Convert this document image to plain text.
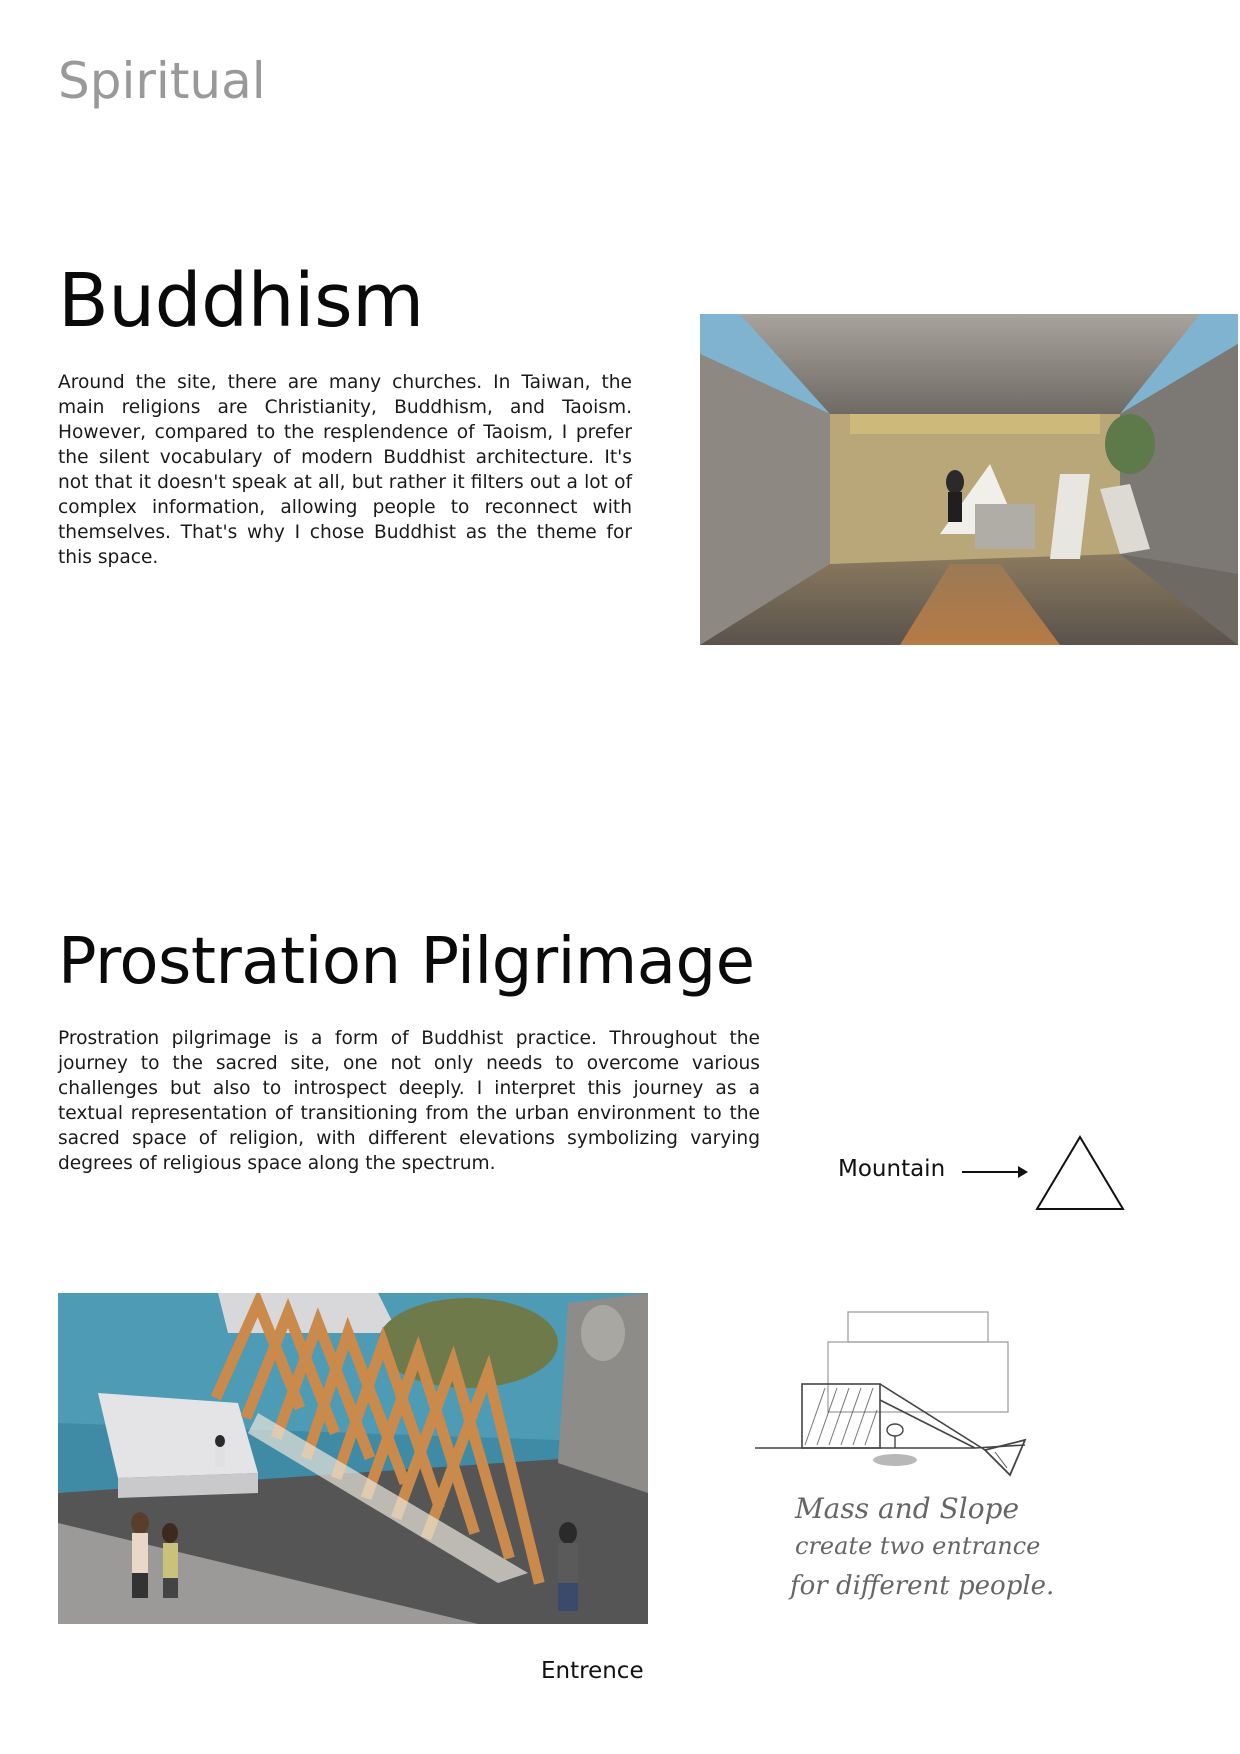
Spiritual
Buddhism

Around the site, there are many churches. In Taiwan, the main religions are Christianity, Buddhism, and Taoism. However, compared to the resplendence of Taoism, I prefer the silent vocabulary of modern Buddhist architecture. It's not that it doesn't speak at all, but rather it filters out a lot of complex information, allowing people to reconnect with themselves. That's why I chose Buddhist as the theme for this space.

Prostration Pilgrimage

Prostration pilgrimage is a form of Buddhist practice. Throughout the journey to the sacred site, one not only needs to overcome various challenges but also to introspect deeply. I interpret this journey as a textual representation of transitioning from the urban environment to the sacred space of religion, with different elevations symbolizing varying degrees of religious space along the spectrum.	Mountain
Entrence
Mass and Slope
create two entrance
for different people.
